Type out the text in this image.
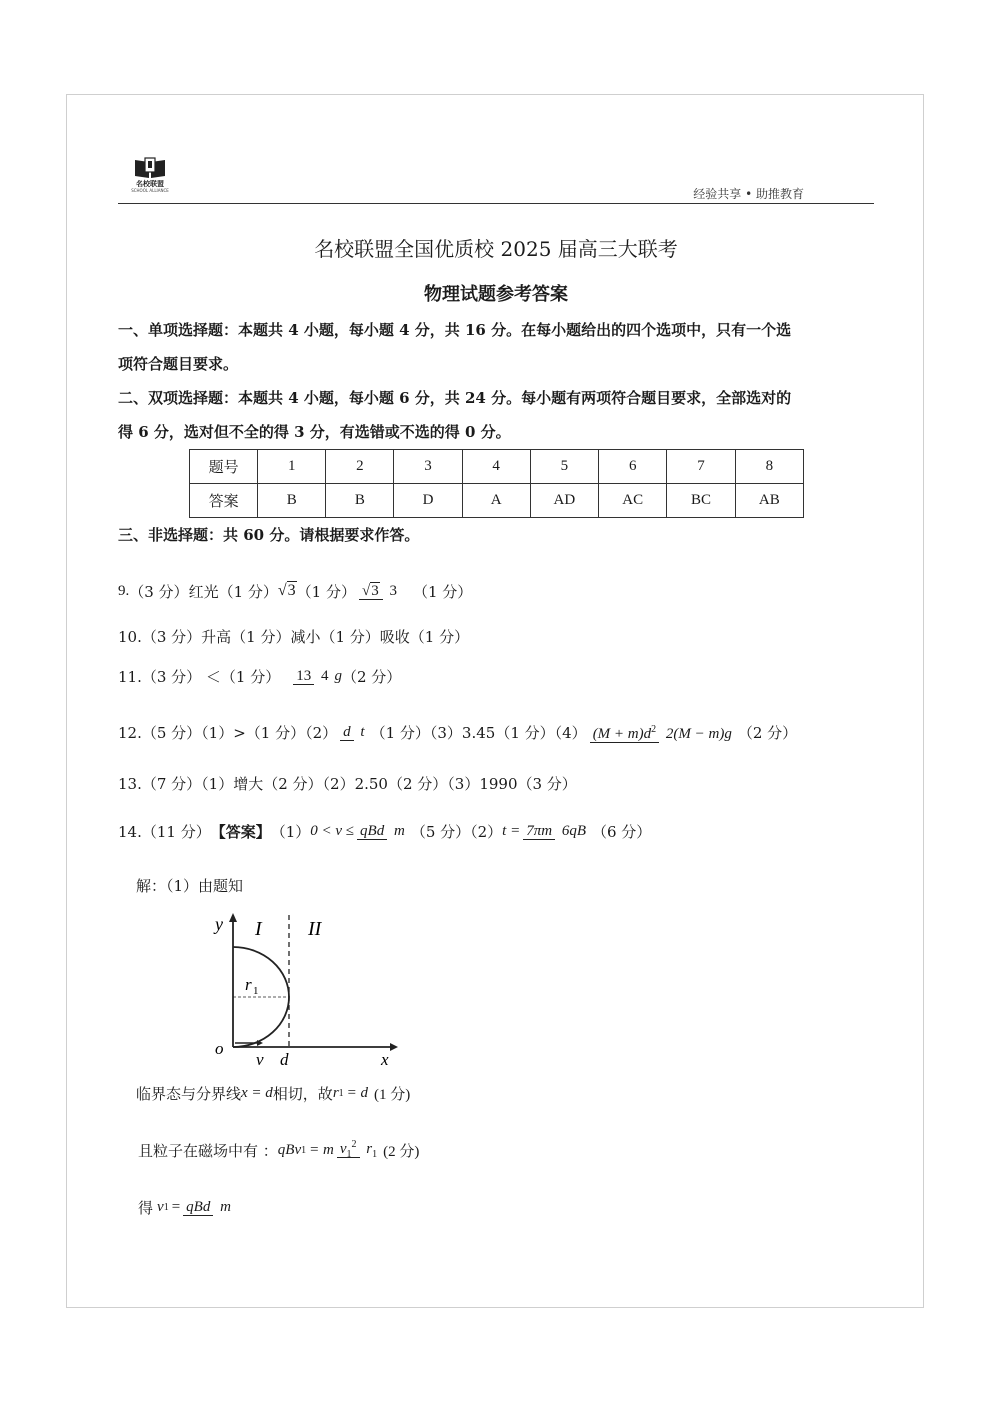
名校联盟
SCHOOL ALLIANCE	经验共享 • 助推教育
名校联盟全国优质校 2025 届高三大联考
物理试题参考答案
一、单项选择题：本题共 4 小题，每小题 4 分，共 16 分。在每小题给出的四个选项中，只有一个选
项符合题目要求。
二、双项选择题：本题共 4 小题，每小题 6 分，共 24 分。每小题有两项符合题目要求，全部选对的
得 6 分，选对但不全的得 3 分，有选错或不选的得 0 分。
题号	1	2	3	4	5	6	7	8
答案	B	B	D	A	AD	AC	BC	AB
三、非选择题：共 60 分。请根据要求作答。
9. （3 分） 红光（1 分） √3 （1 分） √3 3 （1 分）
10.（3 分）升高（1 分）减小（1 分）吸收（1 分）
11.（3 分） ＜（1 分） 13 4 g （2 分）
12.（5 分）（1）>（1 分）（2） d t （1 分）（3）3.45（1 分）（4） $(M + m)d^2$ 2(M − m)g （2 分）
13.（7 分）（1）增大（2 分）（2）2.50（2 分）（3）1990（3 分）
14.（11 分） 【答案】 （1） 0 < v ≤ qBd m （5 分）（2） t = 7πm 6qB （6 分）
解：（1）由题知
y I II
r 1
o
v d	x
临界态与分界线 x = d 相切，故 r 1 = d (1 分)
且粒子在磁场中有 ： qBv 1 = m $v_1^2$ $r_1$ (2 分)
得 v 1 = qBd m
